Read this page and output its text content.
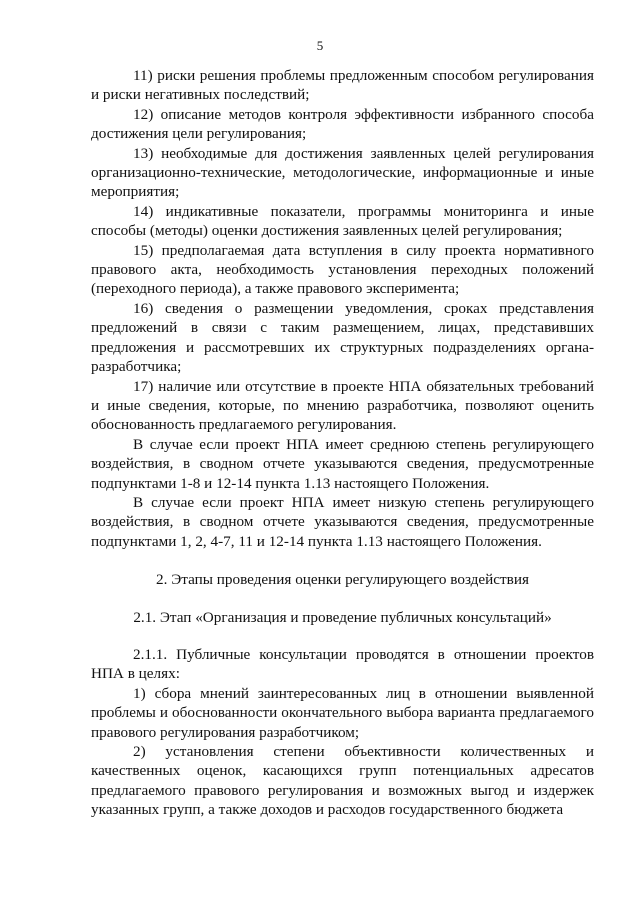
5

11) риски решения проблемы предложенным способом регулирования и риски негативных последствий;

12) описание методов контроля эффективности избранного способа достижения цели регулирования;

13) необходимые для достижения заявленных целей регулирования организационно-технические, методологические, информационные и иные мероприятия;

14) индикативные показатели, программы мониторинга и иные способы (методы) оценки достижения заявленных целей регулирования;

15) предполагаемая дата вступления в силу проекта нормативного правового акта, необходимость установления переходных положений (переходного периода), а также правового эксперимента;

16) сведения о размещении уведомления, сроках представления предложений в связи с таким размещением, лицах, представивших предложения и рассмотревших их структурных подразделениях органа-разработчика;

17) наличие или отсутствие в проекте НПА обязательных требований и иные сведения, которые, по мнению разработчика, позволяют оценить обоснованность предлагаемого регулирования.

В случае если проект НПА имеет среднюю степень регулирующего воздействия, в сводном отчете указываются сведения, предусмотренные подпунктами 1-8 и 12-14 пункта 1.13 настоящего Положения.

В случае если проект НПА имеет низкую степень регулирующего воздействия, в сводном отчете указываются сведения, предусмотренные подпунктами 1, 2, 4-7, 11 и 12-14 пункта 1.13 настоящего Положения.

2. Этапы проведения оценки регулирующего воздействия

2.1. Этап «Организация и проведение публичных консультаций»

2.1.1. Публичные консультации проводятся в отношении проектов НПА в целях:

1) сбора мнений заинтересованных лиц в отношении выявленной проблемы и обоснованности окончательного выбора варианта предлагаемого правового регулирования разработчиком;

2) установления степени объективности количественных и качественных оценок, касающихся групп потенциальных адресатов предлагаемого правового регулирования и возможных выгод и издержек указанных групп, а также доходов и расходов государственного бюджета
